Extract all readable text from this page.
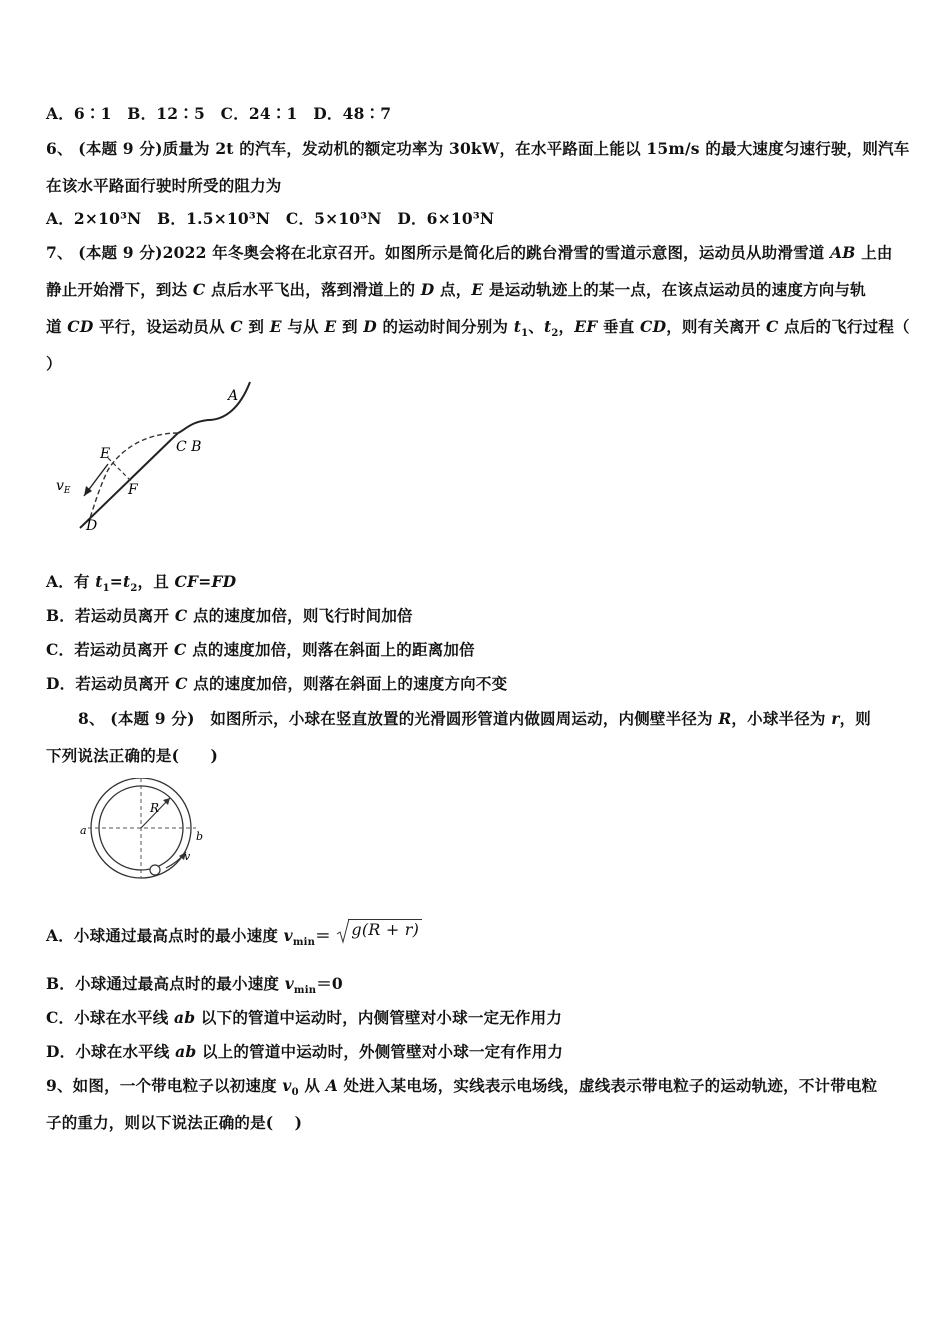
A．6∶1　B．12∶5　C．24∶1　D．48∶7
6、 (本题 9 分)质量为 2t 的汽车，发动机的额定功率为 30kW，在水平路面上能以 15m/s 的最大速度匀速行驶，则汽车
在该水平路面行驶时所受的阻力为
A．2×10³N　B．1.5×10³N　C．5×10³N　D．6×10³N
7、 (本题 9 分)2022 年冬奥会将在北京召开。如图所示是简化后的跳台滑雪的雪道示意图，运动员从助滑雪道 AB 上由
静止开始滑下，到达 C 点后水平飞出，落到滑道上的 D 点，E 是运动轨迹上的某一点，在该点运动员的速度方向与轨
道 CD 平行，设运动员从 C 到 E 与从 E 到 D 的运动时间分别为 $t_1$、$t_2$，EF 垂直 CD，则有关离开 C 点后的飞行过程（
）
A
C B
E
F
D
$v_E$
A．有 $t_1=t_2$，且 CF=FD
B．若运动员离开 C 点的速度加倍，则飞行时间加倍
C．若运动员离开 C 点的速度加倍，则落在斜面上的距离加倍
D．若运动员离开 C 点的速度加倍，则落在斜面上的速度方向不变
8、 (本题 9 分)　如图所示，小球在竖直放置的光滑圆形管道内做圆周运动，内侧壁半径为 R，小球半径为 r，则
下列说法正确的是(　　)
R
a	b
v
A．小球通过最高点时的最小速度 $v_{min}= g(R + r)$
B．小球通过最高点时的最小速度 $v_{min}=0$
C．小球在水平线 ab 以下的管道中运动时，内侧管壁对小球一定无作用力
D．小球在水平线 ab 以上的管道中运动时，外侧管壁对小球一定有作用力
9、如图，一个带电粒子以初速度 $v_0$ 从 A 处进入某电场，实线表示电场线，虚线表示带电粒子的运动轨迹，不计带电粒
子的重力，则以下说法正确的是(　 )
